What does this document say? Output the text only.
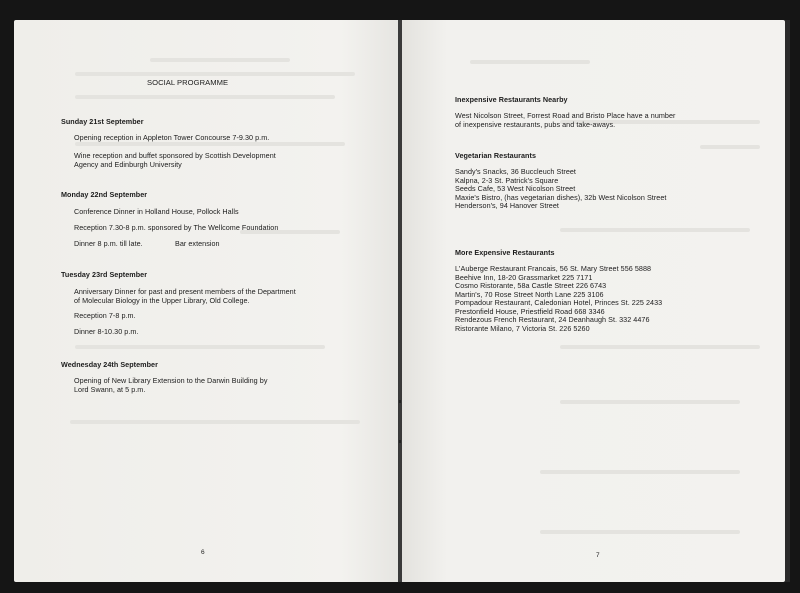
SOCIAL PROGRAMME
Sunday 21st September
Opening reception in Appleton Tower Concourse 7-9.30 p.m.
Wine reception and buffet sponsored by Scottish Development
Agency and Edinburgh University
Monday 22nd September
Conference Dinner in Holland House, Pollock Halls
Reception 7.30-8 p.m. sponsored by The Wellcome Foundation
Dinner 8 p.m. till late.	Bar extension
Tuesday 23rd September
Anniversary Dinner for past and present members of the Department
of Molecular Biology in the Upper Library, Old College.
Reception 7-8 p.m.
Dinner 8-10.30 p.m.
Wednesday 24th September
Opening of New Library Extension to the Darwin Building by
Lord Swann, at 5 p.m.
6
Inexpensive Restaurants Nearby
West Nicolson Street, Forrest Road and Bristo Place have a number
of inexpensive restaurants, pubs and take-aways.
Vegetarian Restaurants
Sandy's Snacks, 36 Buccleuch Street
Kalpna, 2-3 St. Patrick's Square
Seeds Cafe, 53 West Nicolson Street
Maxie's Bistro, (has vegetarian dishes), 32b West Nicolson Street
Henderson's, 94 Hanover Street
More Expensive Restaurants
L'Auberge Restaurant Francais, 56 St. Mary Street 556 5888
Beehive Inn, 18-20 Grassmarket 225 7171
Cosmo Ristorante, 58a Castle Street 226 6743
Martin's, 70 Rose Street North Lane 225 3106
Pompadour Restaurant, Caledonian Hotel, Princes St. 225 2433
Prestonfield House, Priestfield Road 668 3346
Rendezous French Restaurant, 24 Deanhaugh St. 332 4476
Ristorante Milano, 7 Victoria St. 226 5260
7
